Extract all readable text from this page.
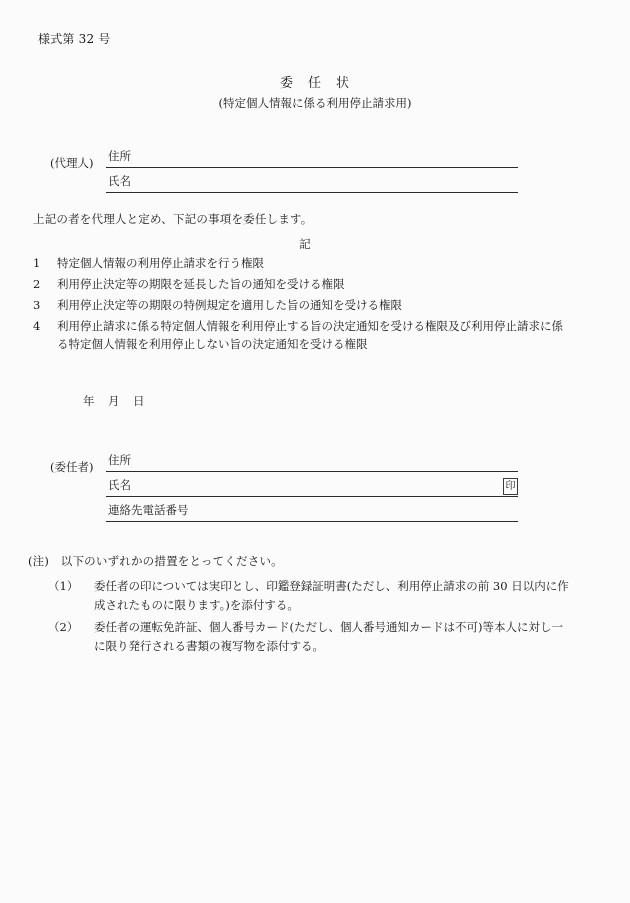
様式第 32 号
委　任　状
(特定個人情報に係る利用停止請求用)
(代理人) 住所
氏名
上記の者を代理人と定め、下記の事項を委任します。
記
1	特定個人情報の利用停止請求を行う権限
2	利用停止決定等の期限を延長した旨の通知を受ける権限
3	利用停止決定等の期限の特例規定を適用した旨の通知を受ける権限
4	利用停止請求に係る特定個人情報を利用停止する旨の決定通知を受ける権限及び利用停止請求に係
る特定個人情報を利用停止しない旨の決定通知を受ける権限
年　月　日
(委任者) 住所
氏名	印
連絡先電話番号
(注)　以下のいずれかの措置をとってください。
（1）	委任者の印については実印とし、印鑑登録証明書(ただし、利用停止請求の前 30 日以内に作
成されたものに限ります。)を添付する。
（2）	委任者の運転免許証、個人番号カード(ただし、個人番号通知カードは不可)等本人に対し一
に限り発行される書類の複写物を添付する。
